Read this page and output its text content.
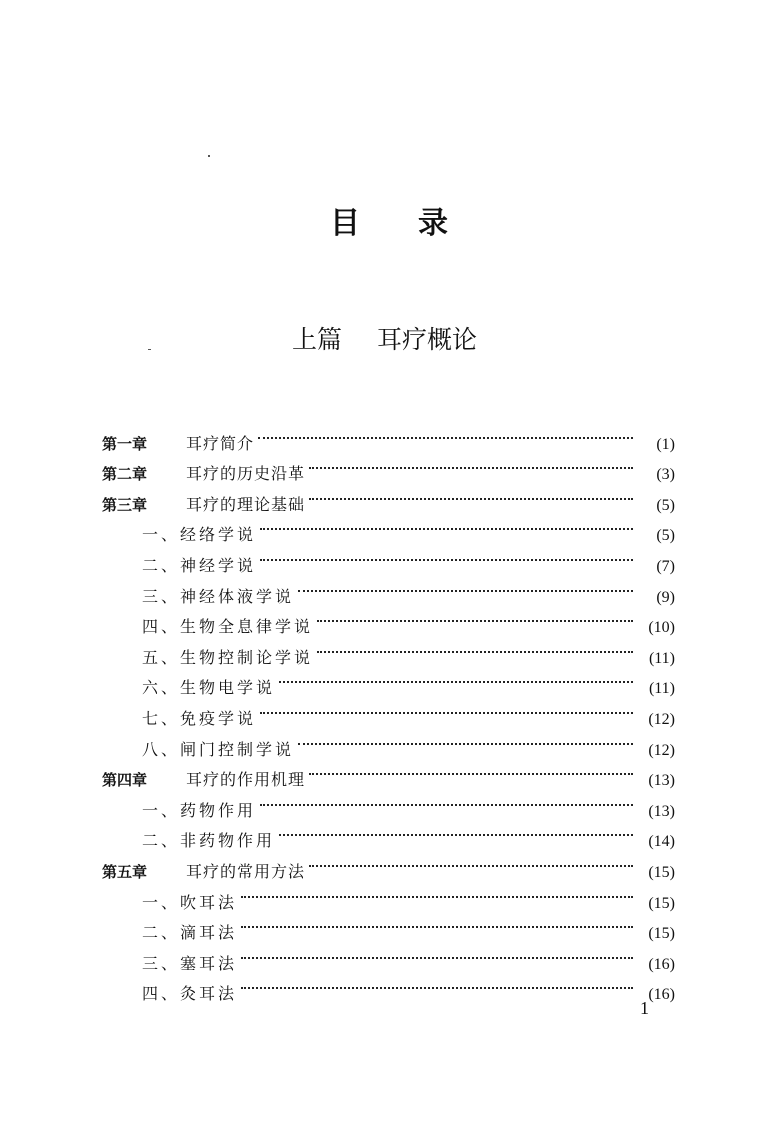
目 录
上篇 耳疗概论
第一章	耳疗简介	(1)
第二章	耳疗的历史沿革	(3)
第三章	耳疗的理论基础	(5)
一、经络学说	(5)
二、神经学说	(7)
三、神经体液学说	(9)
四、生物全息律学说	(10)
五、生物控制论学说	(11)
六、生物电学说	(11)
七、免疫学说	(12)
八、闸门控制学说	(12)
第四章	耳疗的作用机理	(13)
一、药物作用	(13)
二、非药物作用	(14)
第五章	耳疗的常用方法	(15)
一、吹耳法	(15)
二、滴耳法	(15)
三、塞耳法	(16)
四、灸耳法	(16)
1
